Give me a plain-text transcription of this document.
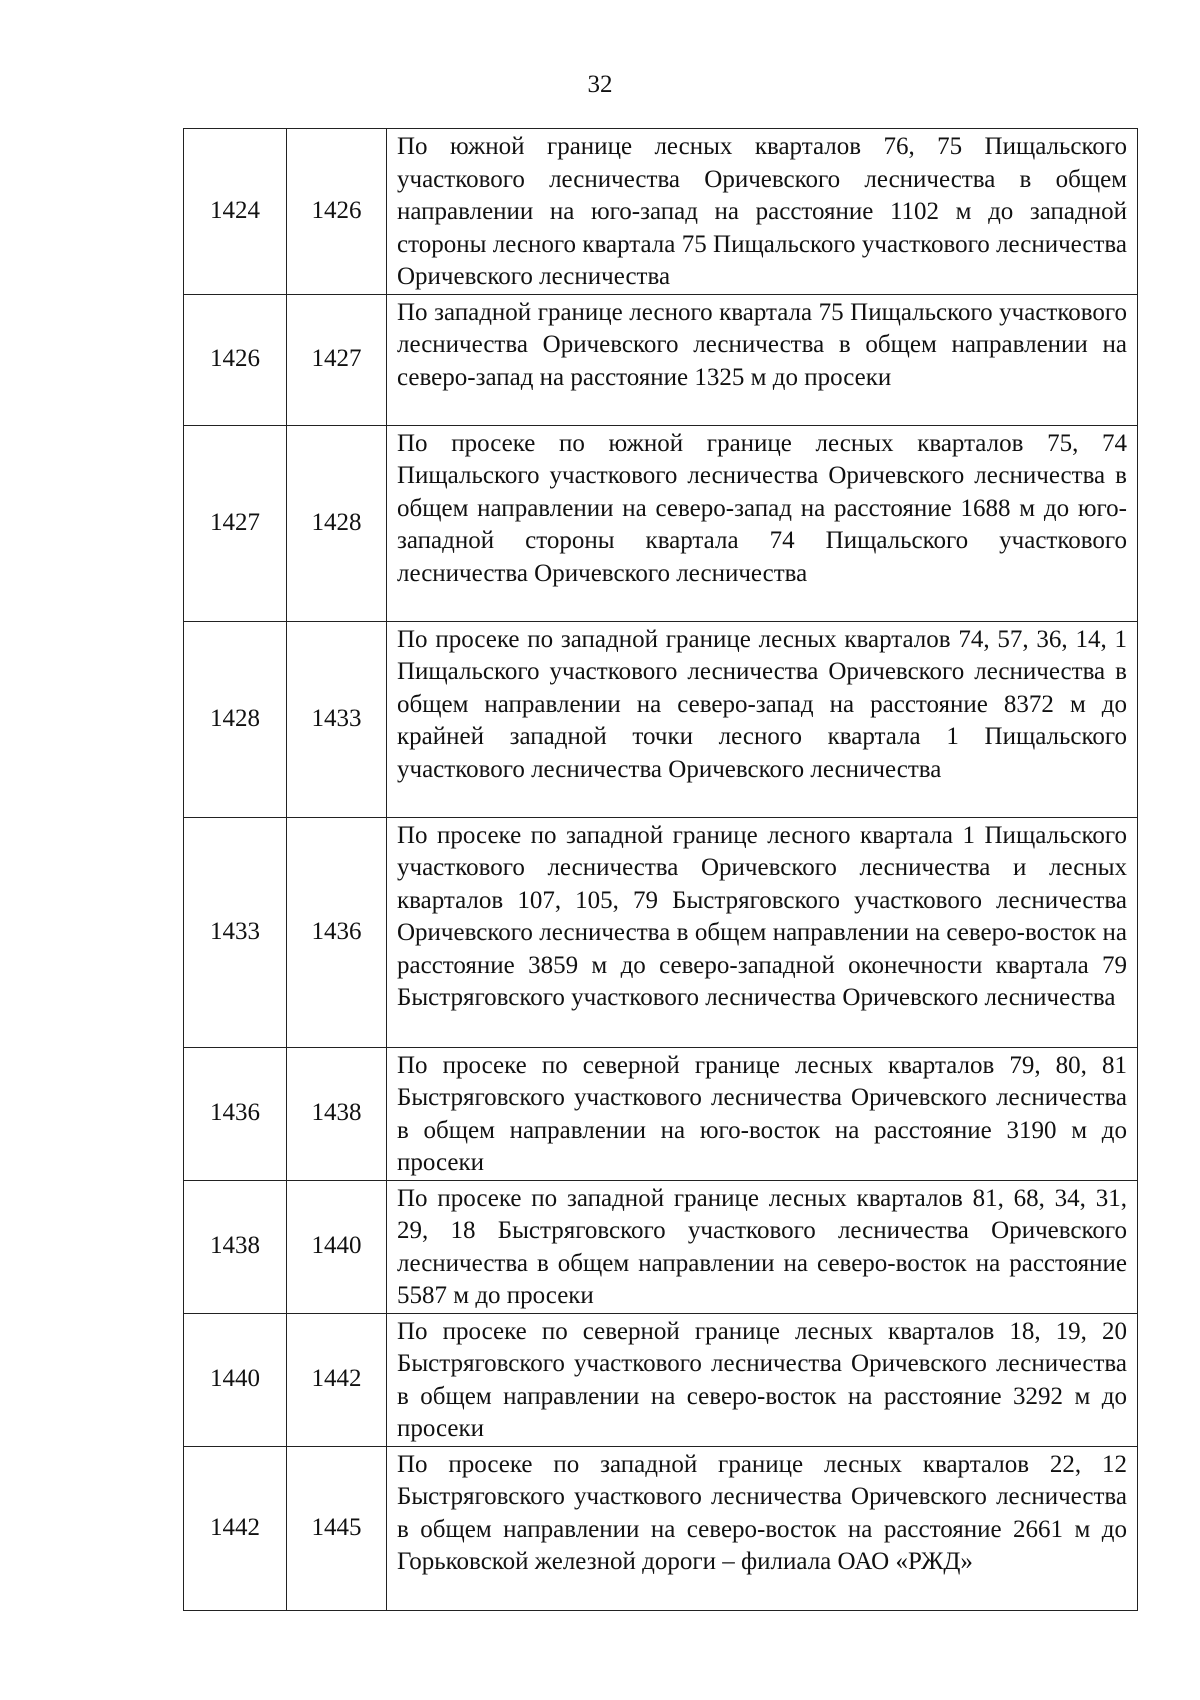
32
1424	1426	По южной границе лесных кварталов 76, 75 Пищальского участкового лесничества Оричевского лесничества в общем направлении на юго-запад на расстояние 1102 м до западной стороны лесного квартала 75 Пищальского участкового лесничества Оричевского лесничества
1426	1427	По западной границе лесного квартала 75 Пищальского участкового лесничества Оричевского лесничества в общем направлении на северо-запад на расстояние 1325 м до просеки
1427	1428	По просеке по южной границе лесных кварталов 75, 74 Пищальского участкового лесничества Оричевского лесничества в общем направлении на северо-запад на расстояние 1688 м до юго-западной стороны квартала 74 Пищальского участкового лесничества Оричевского лесничества
1428	1433	По просеке по западной границе лесных кварталов 74, 57, 36, 14, 1 Пищальского участкового лесничества Оричевского лесничества в общем направлении на северо-запад на расстояние 8372 м до крайней западной точки лесного квартала 1 Пищальского участкового лесничества Оричевского лесничества
1433	1436	По просеке по западной границе лесного квартала 1 Пищальского участкового лесничества Оричевского лесничества и лесных кварталов 107, 105, 79 Быстряговского участкового лесничества Оричевского лесничества в общем направлении на северо-восток на расстояние 3859 м до северо-западной оконечности квартала 79 Быстряговского участкового лесничества Оричевского лесничества
1436	1438	По просеке по северной границе лесных кварталов 79, 80, 81 Быстряговского участкового лесничества Оричевского лесничества в общем направлении на юго-восток на расстояние 3190 м до просеки
1438	1440	По просеке по западной границе лесных кварталов 81, 68, 34, 31, 29, 18 Быстряговского участкового лесничества Оричевского лесничества в общем направлении на северо-восток на расстояние 5587 м до просеки
1440	1442	По просеке по северной границе лесных кварталов 18, 19, 20 Быстряговского участкового лесничества Оричевского лесничества в общем направлении на северо-восток на расстояние 3292 м до просеки
1442	1445	По просеке по западной границе лесных кварталов 22, 12 Быстряговского участкового лесничества Оричевского лесничества в общем направлении на северо-восток на расстояние 2661 м до Горьковской железной дороги – филиала ОАО «РЖД»
